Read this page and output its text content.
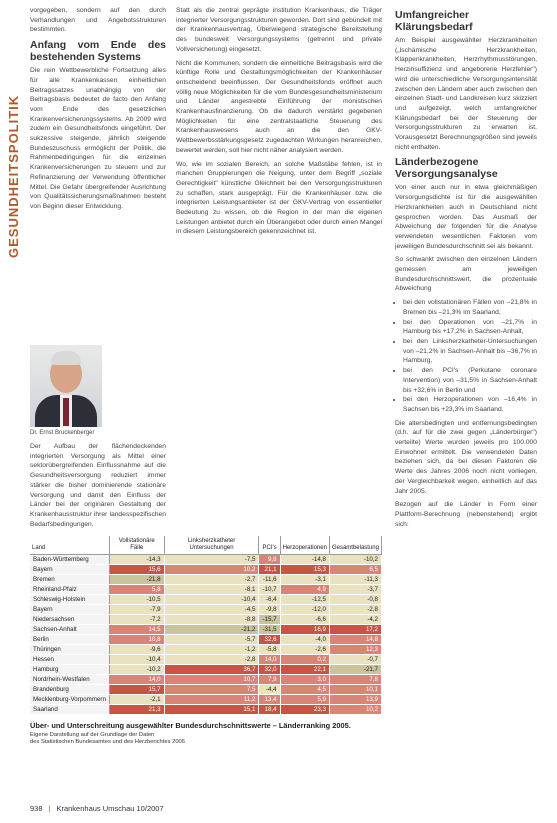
GESUNDHEITSPOLITIK

vorgegeben, sondern auf den durch Verhandlungen und Angebotsstrukturen bestimmten.

Anfang vom Ende des bestehenden Systems

Die rein Wettbewerbliche Fortsetzung alles für alle Krankenkassen einheitlichen Beitragssatzes unabhängig von der Beitragsbasis bedeutet de facto den Anfang vom Ende des gesetzlichen Krankenversicherungssystems. Ab 2009 wird zudem ein Gesundheitsfonds eingeführt. Der sukzessive steigende, jährlich steigende Bundeszuschuss ermöglicht der Politik, die Rahmenbedingungen für die einzelnen Krankenversicherungen zu steuern und zur Refinanzierung der Verwendung öffentlicher Mittel. Die Gefahr übergreifender Ausrichtung von Qualitätssicherungsmaßnahmen besteht von Beginn dieser Entwicklung.

Dr. Ernst Bruckenberger

Der Aufbau der flächendeckenden integrierten Versorgung als Mittel einer sektorübergreifenden Einflussnahme auf die Gesundheitsversorgung reduziert immer stärker die bisher dominierende stationäre Versorgung und damit den Einfluss der Länder bei der originären Gestaltung der Krankenhausstruktur ihrer landesspezifischen Bedarfsbedingungen.

Statt als die zentral geprägte institution Krankenhaus, die Träger integrierter Versorgungsstrukturen geworden. Dort sind gebündelt mit der Krankenhausvertrag, Überwiegend strategische Bereitstellung des bundesweit Versorgungssystems (getrennt und private Vollversicherung) eingesetzt.

Nicht die Kommunen, sondern die einheitliche Beitragsbasis wird die künftige Rolle und Gestaltungsmöglichkeiten der Krankenhäuser entscheidend beeinflussen. Der Gesundheitsfonds eröffnet auch völlig neue Möglichkeiten für die vom Bundesgesundheitsministerium und Länder angestrebte Einführung der monistischen Krankenhausfinanzierung. Ob die dadurch verstärkt gegebenen Möglichkeiten für eine zentralstaatliche Steuerung des Krankenhauswesens auch an die den GKV-Wettbewerbsstärkungsgesetz zugedachten Wirkungen heranreichen, bewertet werden, soll hier nicht näher analysiert werden.

Wo, wie im sozialen Bereich, an solche Maßstäbe fehlen, ist in manchen Gruppierungen die Neigung, unter dem Begriff „soziale Gerechtigkeit" künstliche Gleichheit bei den Versorgungsstrukturen zu schaffen, stark ausgeprägt. Für die Krankenhäuser bzw. die integrierten Leistungsanbieter ist der GKV-Vertrag von essentieller Bedeutung zu wissen, ob die Region in der man die eigenen Leistungen anbietet durch ein Überangebot oder durch einen Mangel in diesem Leistungsbereich gekennzeichnet ist.

Umfangreicher Klärungsbedarf

Am Beispiel ausgewählter Herzkrankheiten („Ischämische Herzkrankheiten, Klappenkrankheiten, Herzrhythmusstörungen, Herzinsuffizienz und angeborene Herzfehler") wird die unterschiedliche Versorgungsintensität zwischen den Ländern aber auch zwischen den einzelnen Stadt- und Landkreisen kurz skizziert und aufgezeigt, welch umfangreicher Klärungsbedarf bei der Steuerung der Versorgungsstrukturen zu erwarten ist. Vorausgesetzt Berechnungsgrößen sind jeweils nicht enthalten.

Länderbezogene Versorgungsanalyse

Von einer auch nur in etwa gleichmäßigen Versorgungsdichte ist für die ausgewählten Herzkrankheiten auch in Deutschland nicht gesprochen worden. Das Ausmaß der Abweichung der folgenden für die Analyse verwendeten wesentlichen Faktoren vom jeweiligen Bundesdurchschnitt sei als bekannt.

So schwankt zwischen den einzelnen Ländern gemessen am jeweiligen Bundesdurchschnittswert, die prozentuale Abweichung

• bei den vollstationären Fällen von –21,8% in Bremen bis –21,3% im Saarland,
• bei den Operationen von –21,7% in Hamburg bis +17,2% in Sachsen-Anhalt,
• bei den Linksherzkatheter-Untersuchungen von –21,2% in Sachsen-Anhalt bis –36,7% in Hamburg,
• bei den PCI's (Perkutane coronare Intervention) von –31,5% in Sachsen-Anhalt bis +32,6% in Berlin und
• bei den Herzoperationen von –16,4% in Sachsen bis +23,3% im Saarland.

Die altersbedingten und entfernungsbedingten (d.h. auf für die zwei gegen „Länderbürger") verteilte) Werte wurden jeweils pro 100.000 Einwohner ermittelt. Die verwendeten Daten beziehen sich, da bei diesen Faktoren die Werte des Jahres 2006 noch nicht vorliegen, der Vergleichbarkeit wegen, einheitlich auf das Jahr 2005.

Bezogen auf die Länder in Form einer Plattform-Berechnung (nebenstehend) ergibt sich:

Land	Vollstationäre Fälle	Linksherzkatheter Untersuchungen	PCI's	Herzoperationen	Gesamtbelastung
Baden-Württemberg	-14,3	-7,5	9,8	-14,8	-10,2
Bayern	15,6	10,2	21,1	15,3	6,5
Bremen	-21,8	-2,7	-11,6	-3,1	-11,3
Rheinland-Pfalz	5,8	-8,1	-10,7	4,9	-3,7
Schleswig-Holstein	-10,5	-10,4	-6,4	-12,5	-0,8
Bayern	-7,9	-4,5	-9,8	-12,0	-2,8
Niedersachsen	-7,2	-8,8	-15,7	-6,6	-4,2
Sachsen-Anhalt	14,5	-21,2	-31,5	16,9	17,2
Berlin	10,8	-5,7	32,6	-4,0	14,8
Thüringen	-9,6	-1,2	-5,8	-2,6	12,3
Hessen	-10,4	-2,8	14,0	0,2	-0,7
Hamburg	-10,2	36,7	32,0	22,1	-21,7
Nordrhein-Westfalen	14,0	10,7	7,9	3,0	7,8
Brandenburg	15,7	7,5	-4,4	4,5	10,1
Mecklenburg-Vorpommern	-2,1	11,2	13,4	5,9	13,9
Saarland	21,3	15,1	18,4	23,3	10,2
Über- und Unterschreitung ausgewählter Bundesdurchschnittswerte – Länderranking 2005.
Eigene Darstellung auf der Grundlage der Daten
des Statistischen Bundesamtes und des Herzberichtes 2006
938 | Krankenhaus Umschau 10/2007
